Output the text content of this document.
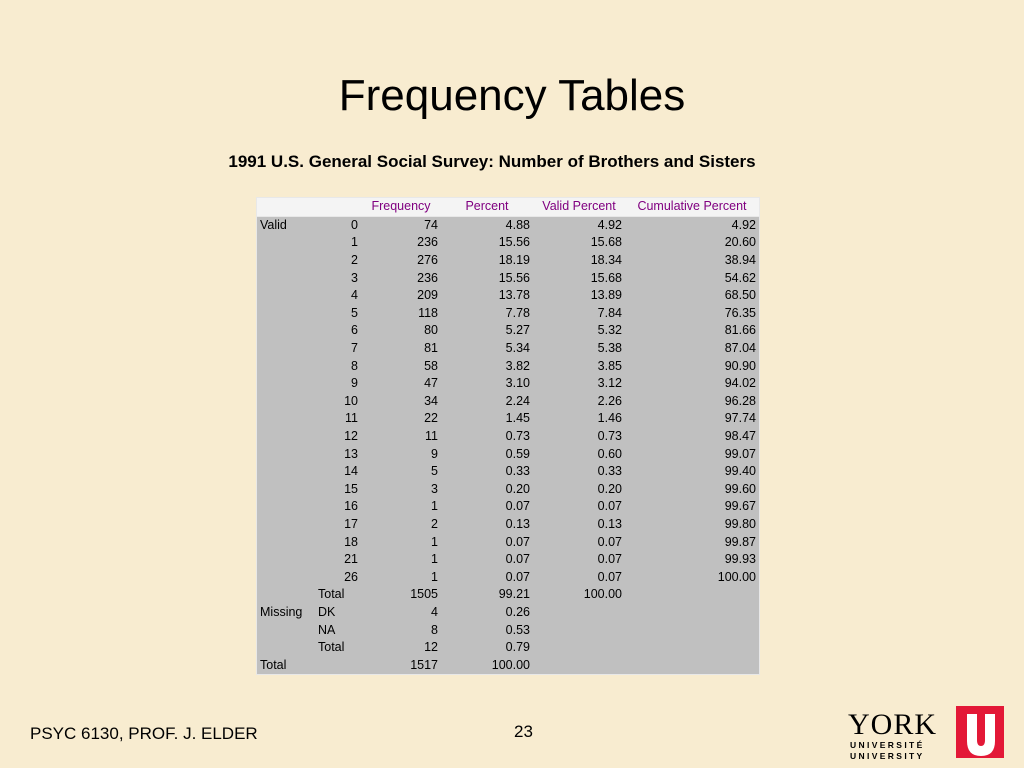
Frequency Tables
1991 U.S. General Social Survey: Number of Brothers and Sisters
		Frequency	Percent	Valid Percent	Cumulative Percent
Valid	0	74	4.88	4.92	4.92
	1	236	15.56	15.68	20.60
	2	276	18.19	18.34	38.94
	3	236	15.56	15.68	54.62
	4	209	13.78	13.89	68.50
	5	118	7.78	7.84	76.35
	6	80	5.27	5.32	81.66
	7	81	5.34	5.38	87.04
	8	58	3.82	3.85	90.90
	9	47	3.10	3.12	94.02
	10	34	2.24	2.26	96.28
	11	22	1.45	1.46	97.74
	12	11	0.73	0.73	98.47
	13	9	0.59	0.60	99.07
	14	5	0.33	0.33	99.40
	15	3	0.20	0.20	99.60
	16	1	0.07	0.07	99.67
	17	2	0.13	0.13	99.80
	18	1	0.07	0.07	99.87
	21	1	0.07	0.07	99.93
	26	1	0.07	0.07	100.00
	Total	1505	99.21	100.00	
Missing	DK	4	0.26		
	NA	8	0.53		
	Total	12	0.79		
Total		1517	100.00		
PSYC 6130, PROF. J. ELDER	23	YORK
U N I V E R S I T É
U N I V E R S I T Y
